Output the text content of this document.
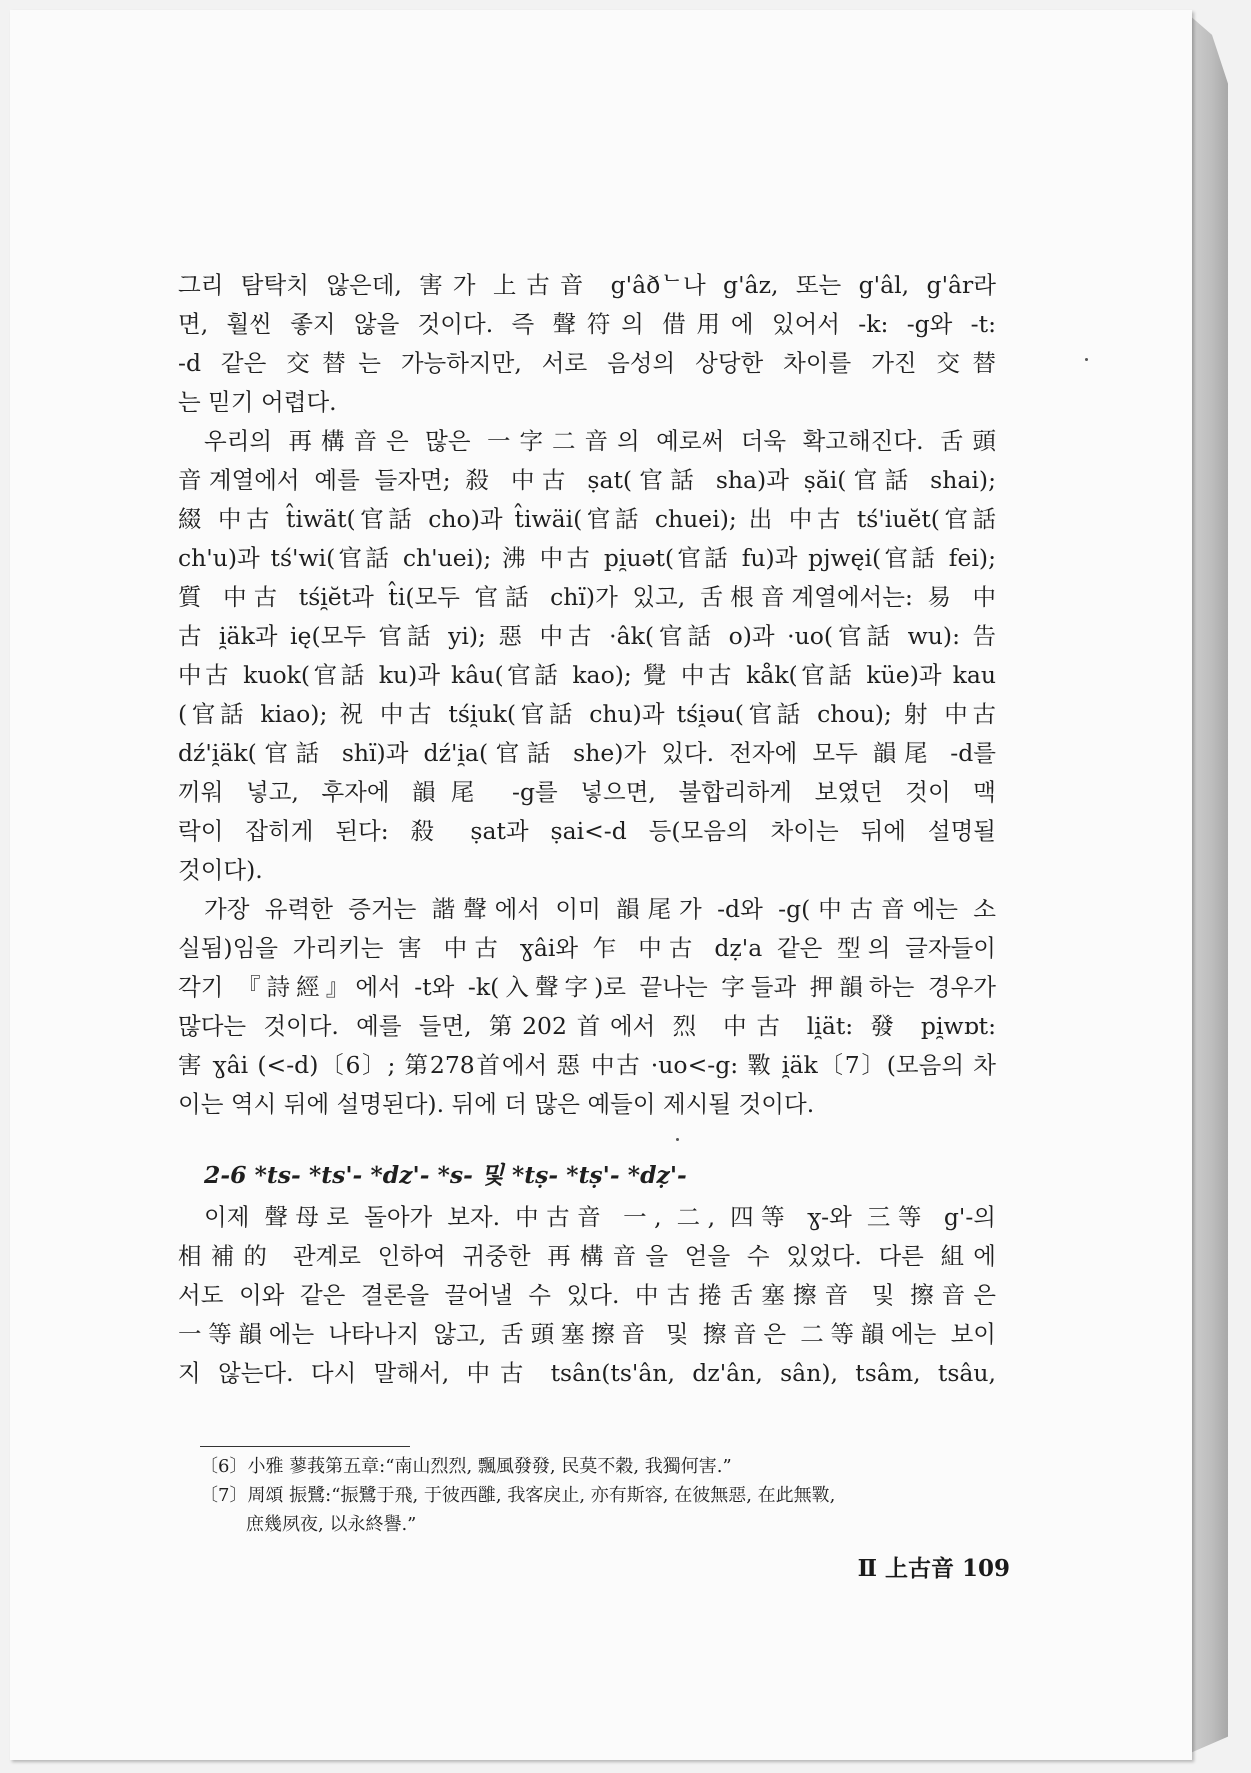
그리 탐탁치 않은데, 害가 上古音 g'âðᄂ나 g'âz, 또는 g'âl, g'âr라
면, 훨씬 좋지 않을 것이다. 즉 聲符의 借用에 있어서 -k: -g와 -t:
-d 같은 交替는 가능하지만, 서로 음성의 상당한 차이를 가진 交替
는 믿기 어렵다.
우리의 再構音은 많은 一字二音의 예로써 더욱 확고해진다. 舌頭
音계열에서 예를 들자면; 殺 中古 ṣat(官話 sha)과 ṣăi(官話 shai);
綴 中古 t̂iwät(官話 cho)과 t̂iwäi(官話 chuei); 出 中古 tś'iuĕt(官話
ch'u)과 tś'wi(官話 ch'uei); 沸 中古 pi̯uət(官話 fu)과 pjwęi(官話 fei);
質 中古 tśi̯ĕt과 t̂i(모두 官話 chï)가 있고, 舌根音계열에서는: 易 中
古 i̯äk과 ię(모두 官話 yi); 惡 中古 ·âk(官話 o)과 ·uo(官話 wu): 告
中古 kuok(官話 ku)과 kâu(官話 kao); 覺 中古 kåk(官話 küe)과 kau
(官話 kiao); 祝 中古 tśi̯uk(官話 chu)과 tśi̯əu(官話 chou); 射 中古
dź'i̯äk(官話 shï)과 dź'i̯a(官話 she)가 있다. 전자에 모두 韻尾 -d를
끼워 넣고, 후자에 韻尾 -g를 넣으면, 불합리하게 보였던 것이 맥
락이 잡히게 된다: 殺 ṣat과 ṣai<-d 등(모음의 차이는 뒤에 설명될
것이다).
가장 유력한 증거는 諧聲에서 이미 韻尾가 -d와 -g(中古音에는 소
실됨)임을 가리키는 害 中古 ɣâi와 乍 中古 dẓ'a 같은 型의 글자들이
각기 『詩經』에서 -t와 -k(入聲字)로 끝나는 字들과 押韻하는 경우가
많다는 것이다. 예를 들면, 第202首에서 烈 中古 li̯ät: 發 pi̯wɒt:
害 ɣâi (<-d)〔6〕; 第278首에서 惡 中古 ·uo<-g: 斁 i̯äk〔7〕(모음의 차
이는 역시 뒤에 설명된다). 뒤에 더 많은 예들이 제시될 것이다.
2-6 *ts- *ts'- *dz'- *s- 및 *tṣ- *tṣ'- *dẓ'-
이제 聲母로 돌아가 보자. 中古音 一, 二, 四等 ɣ-와 三等 g'-의
相補的 관계로 인하여 귀중한 再構音을 얻을 수 있었다. 다른 組에
서도 이와 같은 결론을 끌어낼 수 있다. 中古捲舌塞擦音 및 擦音은
一等韻에는 나타나지 않고, 舌頭塞擦音 및 擦音은 二等韻에는 보이
지 않는다. 다시 말해서, 中古 tsân(ts'ân, dz'ân, sân), tsâm, tsâu,
〔6〕小雅 蓼莪第五章:“南山烈烈, 飄風發發, 民莫不穀, 我獨何害.”
〔7〕周頌 振鷺:“振鷺于飛, 于彼西雝, 我客戾止, 亦有斯容, 在彼無惡, 在此無斁,
庶幾夙夜, 以永終譽.”
Ⅱ 上古音 109
